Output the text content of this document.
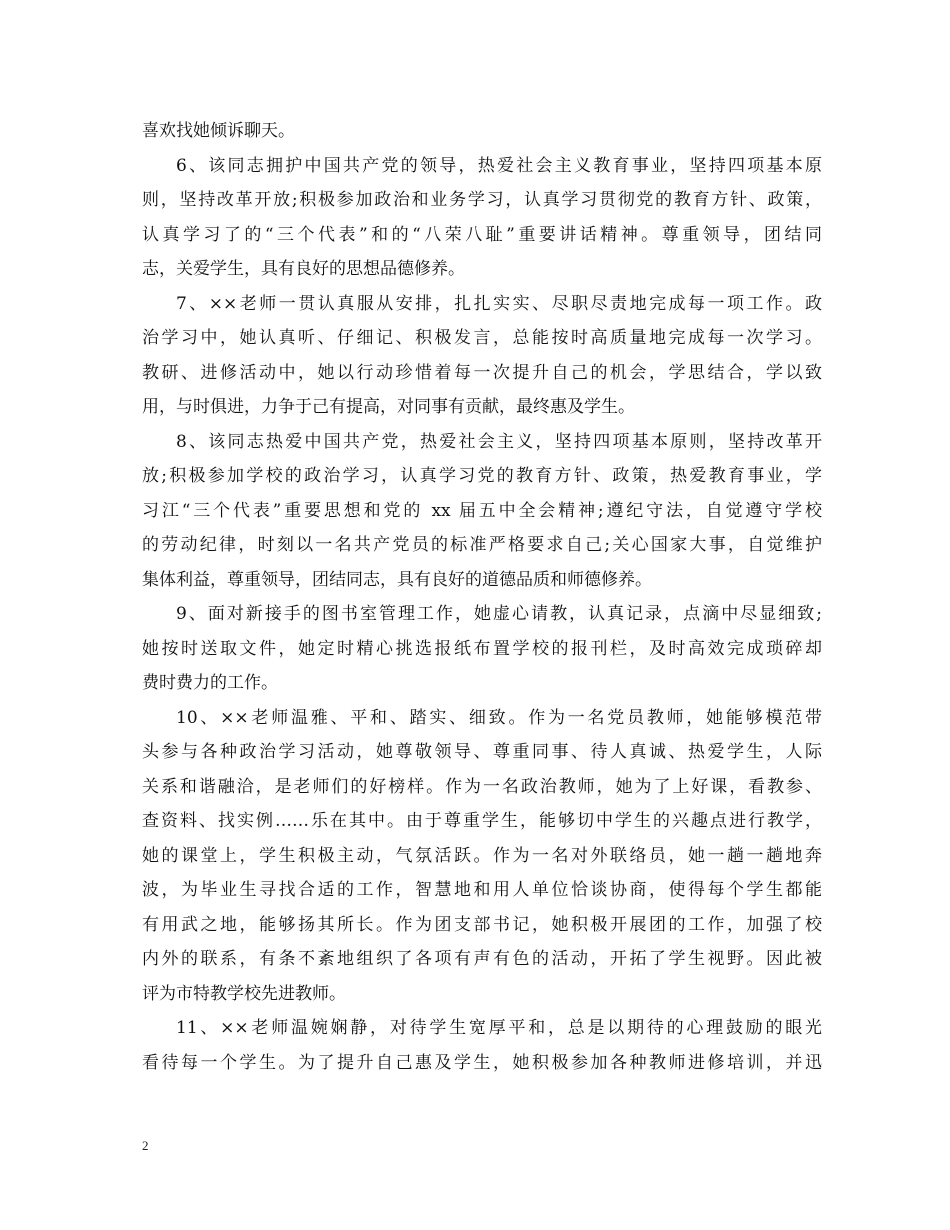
喜欢找她倾诉聊天。

6、该同志拥护中国共产党的领导，热爱社会主义教育事业，坚持四项基本原
则，坚持改革开放;积极参加政治和业务学习，认真学习贯彻党的教育方针、政策，
认真学习了的“三个代表”和的“八荣八耻”重要讲话精神。尊重领导，团结同
志，关爱学生，具有良好的思想品德修养。

7、××老师一贯认真服从安排，扎扎实实、尽职尽责地完成每一项工作。政
治学习中，她认真听、仔细记、积极发言，总能按时高质量地完成每一次学习。
教研、进修活动中，她以行动珍惜着每一次提升自己的机会，学思结合，学以致
用，与时俱进，力争于己有提高，对同事有贡献，最终惠及学生。

8、该同志热爱中国共产党，热爱社会主义，坚持四项基本原则，坚持改革开
放;积极参加学校的政治学习，认真学习党的教育方针、政策，热爱教育事业，学
习江“三个代表”重要思想和党的 xx 届五中全会精神;遵纪守法，自觉遵守学校
的劳动纪律，时刻以一名共产党员的标准严格要求自己;关心国家大事，自觉维护
集体利益，尊重领导，团结同志，具有良好的道德品质和师德修养。

9、面对新接手的图书室管理工作，她虚心请教，认真记录，点滴中尽显细致;
她按时送取文件，她定时精心挑选报纸布置学校的报刊栏，及时高效完成琐碎却
费时费力的工作。

10、××老师温雅、平和、踏实、细致。作为一名党员教师，她能够模范带
头参与各种政治学习活动，她尊敬领导、尊重同事、待人真诚、热爱学生，人际
关系和谐融洽，是老师们的好榜样。作为一名政治教师，她为了上好课，看教参、
查资料、找实例……乐在其中。由于尊重学生，能够切中学生的兴趣点进行教学，
她的课堂上，学生积极主动，气氛活跃。作为一名对外联络员，她一趟一趟地奔
波，为毕业生寻找合适的工作，智慧地和用人单位恰谈协商，使得每个学生都能
有用武之地，能够扬其所长。作为团支部书记，她积极开展团的工作，加强了校
内外的联系，有条不紊地组织了各项有声有色的活动，开拓了学生视野。因此被
评为市特教学校先进教师。

11、××老师温婉娴静，对待学生宽厚平和，总是以期待的心理鼓励的眼光
看待每一个学生。为了提升自己惠及学生，她积极参加各种教师进修培训，并迅

2
